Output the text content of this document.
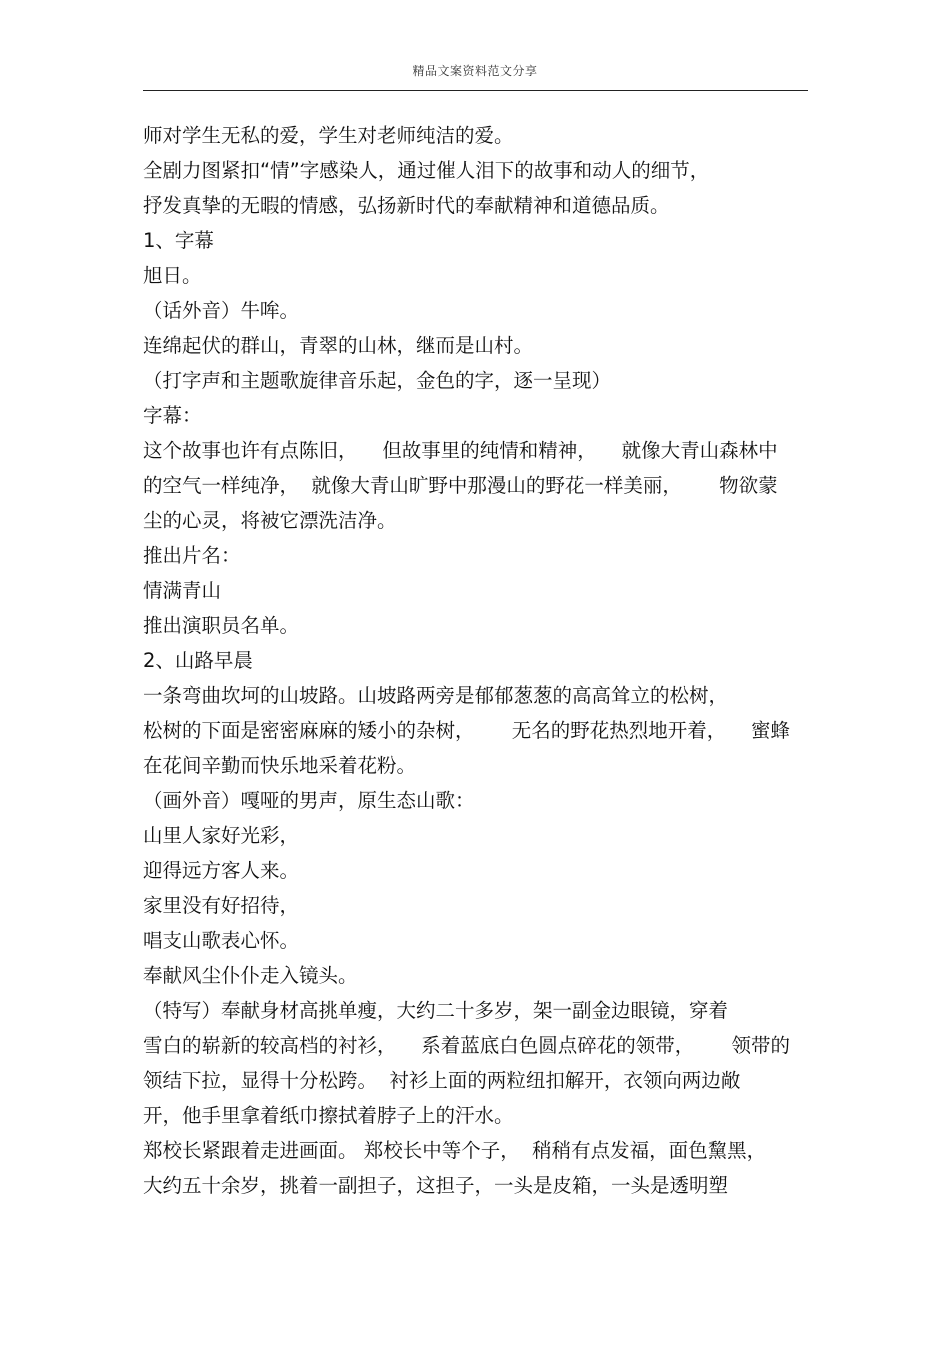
精品文案资料范文分享
师对学生无私的爱，学生对老师纯洁的爱。
全剧力图紧扣“情”字感染人，通过催人泪下的故事和动人的细节，
抒发真挚的无暇的情感，弘扬新时代的奉献精神和道德品质。
1、字幕
旭日。
（话外音）牛哞。
连绵起伏的群山，青翠的山林，继而是山村。
（打字声和主题歌旋律音乐起，金色的字，逐一呈现）
字幕：
这个故事也许有点陈旧，    但故事里的纯情和精神，    就像大青山森林中
的空气一样纯净，  就像大青山旷野中那漫山的野花一样美丽，      物欲蒙
尘的心灵，将被它漂洗洁净。
推出片名：
情满青山
推出演职员名单。
2、山路早晨
一条弯曲坎坷的山坡路。山坡路两旁是郁郁葱葱的高高耸立的松树，
松树的下面是密密麻麻的矮小的杂树，      无名的野花热烈地开着，    蜜蜂
在花间辛勤而快乐地采着花粉。
（画外音）嘎哑的男声，原生态山歌：
山里人家好光彩，
迎得远方客人来。
家里没有好招待，
唱支山歌表心怀。
奉献风尘仆仆走入镜头。
（特写）奉献身材高挑单瘦，大约二十多岁，架一副金边眼镜，穿着
雪白的崭新的较高档的衬衫，    系着蓝底白色圆点碎花的领带，      领带的
领结下拉，显得十分松跨。  衬衫上面的两粒纽扣解开，衣领向两边敞
开，他手里拿着纸巾擦拭着脖子上的汗水。
郑校长紧跟着走进画面。 郑校长中等个子，  稍稍有点发福，面色黧黑，
大约五十余岁，挑着一副担子，这担子，一头是皮箱，一头是透明塑
